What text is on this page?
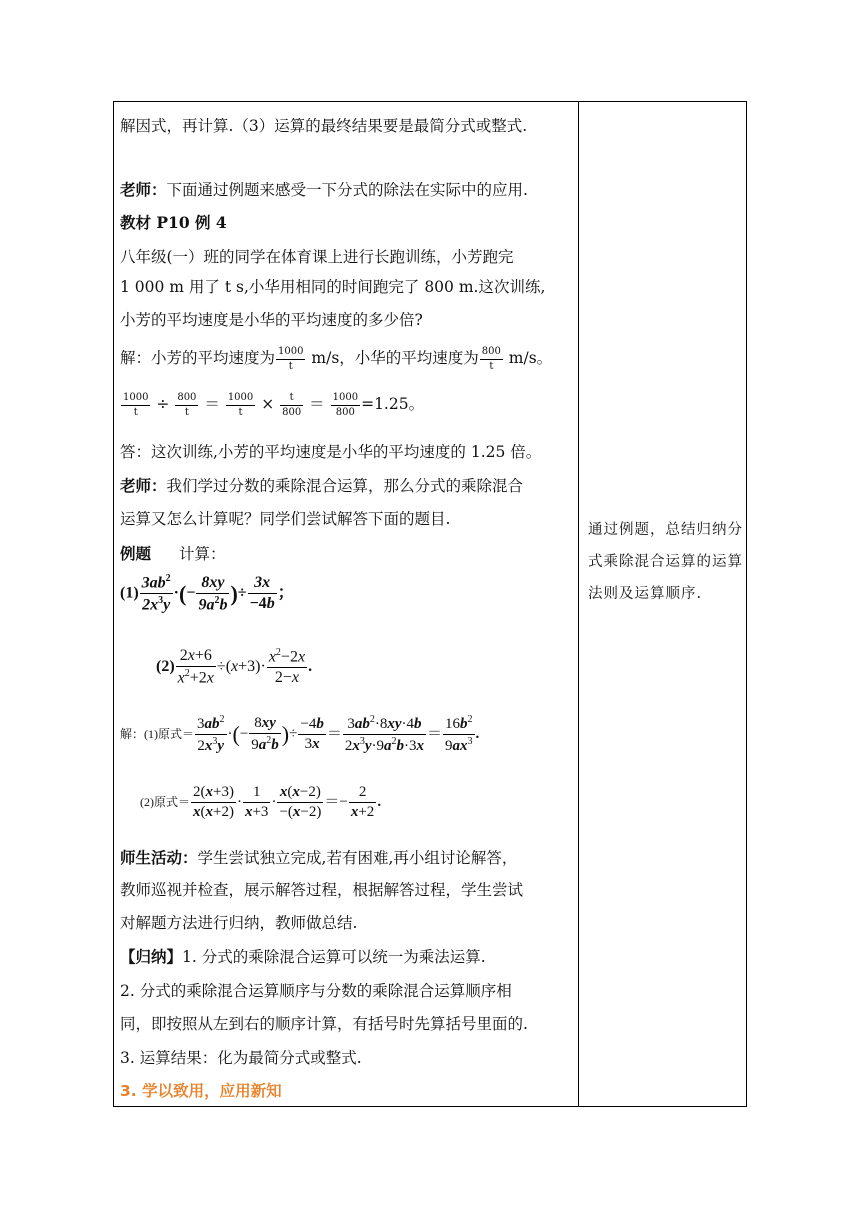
解因式，再计算.（3）运算的最终结果要是最简分式或整式.
老师：下面通过例题来感受一下分式的除法在实际中的应用.
教材 P10 例 4
八年级(一）班的同学在体育课上进行长跑训练，小芳跑完
1 000 m 用了 t s,小华用相同的时间跑完了 800 m.这次训练,
小芳的平均速度是小华的平均速度的多少倍?
解：小芳的平均速度为 $\frac{1000}{t} m/s$，小华的平均速度为 $\frac{800}{t} m/s$。
$\frac{1000}{t} \div \frac{800}{t} = \frac{1000}{t} \times \frac{t}{800} = \frac{1000}{800} =1.25$。
答：这次训练,小芳的平均速度是小华的平均速度的 1.25 倍。
老师：我们学过分数的乘除混合运算，那么分式的乘除混合
运算又怎么计算呢？同学们尝试解答下面的题目.
例题 计算：
$(1) \frac{3ab^2}{2x^3y}$ ·(− $\frac{8xy}{9a^2b}$ )÷ $\frac{3x}{-4b}$ ；
$(2) \frac{2x+6}{x^2+2x} \div(x+3)\cdot \frac{x^2-2x}{2-x}$ .
解：(1)原式＝ $\frac{3ab^2}{2x^3y}$ ·(− $\frac{8xy}{9a^2b}$ )÷ $\frac{-4b}{3x} = \frac{3ab^2\cdot 8xy\cdot 4b}{2x^3y\cdot 9a^2b\cdot 3x} = \frac{16b^2}{9ax^3}$ .
(2)原式＝ $\frac{2(x+3)}{x(x+2)} \cdot \frac{1}{x+3} \cdot \frac{x(x-2)}{-(x-2)} =- \frac{2}{x+2}$ .
师生活动：学生尝试独立完成,若有困难,再小组讨论解答，
教师巡视并检查，展示解答过程，根据解答过程，学生尝试
对解题方法进行归纳，教师做总结.
【归纳】1. 分式的乘除混合运算可以统一为乘法运算.
2. 分式的乘除混合运算顺序与分数的乘除混合运算顺序相
同，即按照从左到右的顺序计算，有括号时先算括号里面的.
3. 运算结果：化为最简分式或整式.
3. 学以致用，应用新知
通过例题，总结归纳分式乘除混合运算的运算法则及运算顺序.
